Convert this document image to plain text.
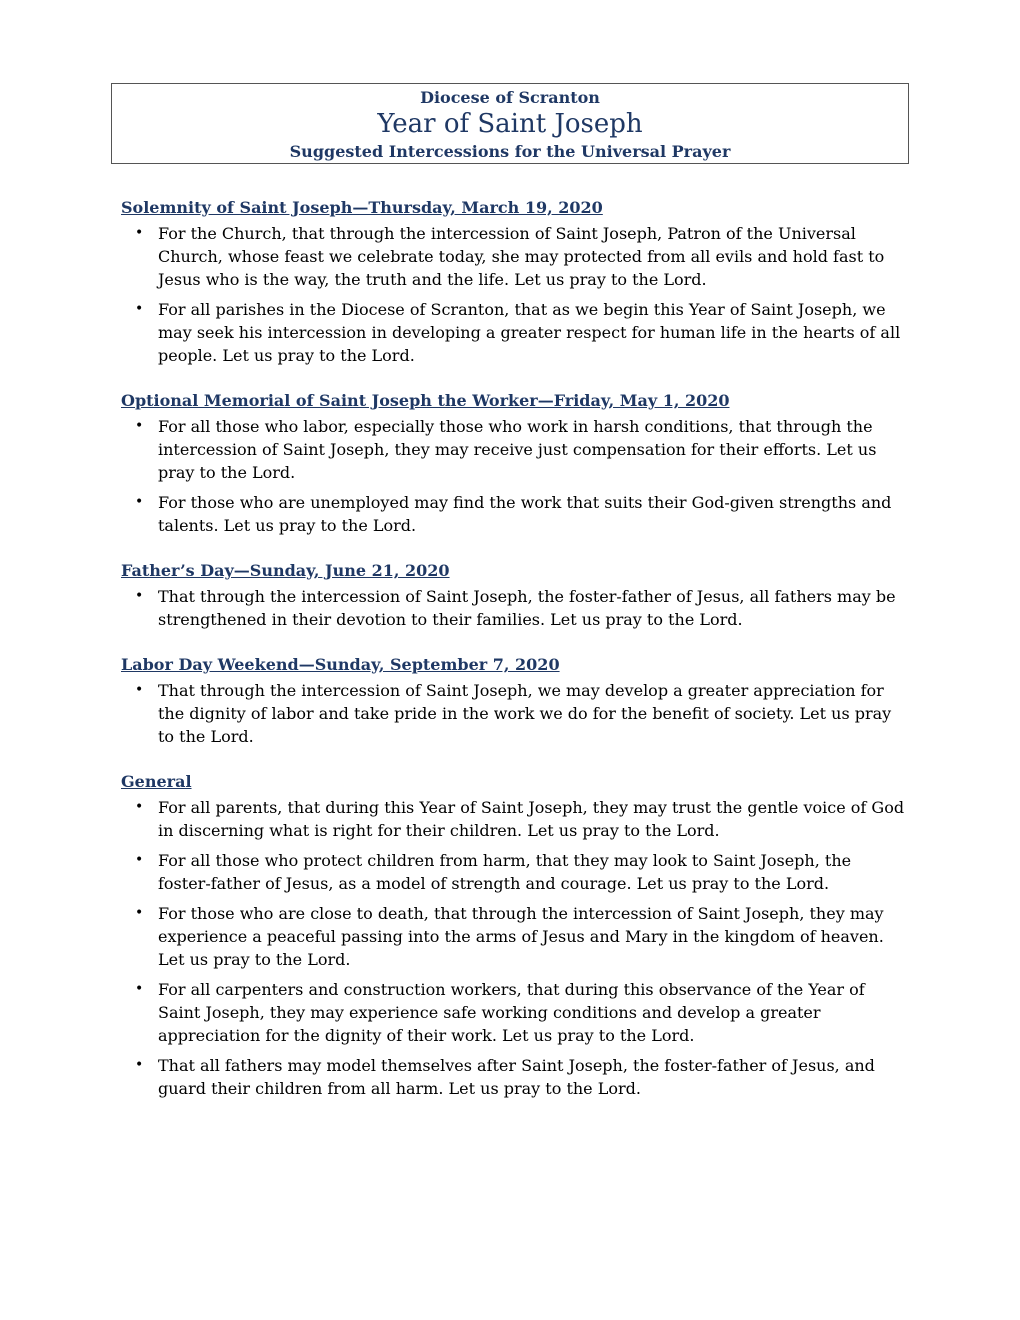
Diocese of Scranton
Year of Saint Joseph
Suggested Intercessions for the Universal Prayer
Solemnity of Saint Joseph—Thursday, March 19, 2020
• For the Church, that through the intercession of Saint Joseph, Patron of the Universal Church, whose feast we celebrate today, she may protected from all evils and hold fast to Jesus who is the way, the truth and the life. Let us pray to the Lord.
• For all parishes in the Diocese of Scranton, that as we begin this Year of Saint Joseph, we may seek his intercession in developing a greater respect for human life in the hearts of all people. Let us pray to the Lord.
Optional Memorial of Saint Joseph the Worker—Friday, May 1, 2020
• For all those who labor, especially those who work in harsh conditions, that through the intercession of Saint Joseph, they may receive just compensation for their efforts. Let us pray to the Lord.
• For those who are unemployed may find the work that suits their God-given strengths and talents. Let us pray to the Lord.
Father’s Day—Sunday, June 21, 2020
• That through the intercession of Saint Joseph, the foster-father of Jesus, all fathers may be strengthened in their devotion to their families. Let us pray to the Lord.
Labor Day Weekend—Sunday, September 7, 2020
• That through the intercession of Saint Joseph, we may develop a greater appreciation for the dignity of labor and take pride in the work we do for the benefit of society. Let us pray to the Lord.
General
• For all parents, that during this Year of Saint Joseph, they may trust the gentle voice of God in discerning what is right for their children. Let us pray to the Lord.
• For all those who protect children from harm, that they may look to Saint Joseph, the foster-father of Jesus, as a model of strength and courage. Let us pray to the Lord.
• For those who are close to death, that through the intercession of Saint Joseph, they may experience a peaceful passing into the arms of Jesus and Mary in the kingdom of heaven. Let us pray to the Lord.
• For all carpenters and construction workers, that during this observance of the Year of Saint Joseph, they may experience safe working conditions and develop a greater appreciation for the dignity of their work. Let us pray to the Lord.
• That all fathers may model themselves after Saint Joseph, the foster-father of Jesus, and guard their children from all harm. Let us pray to the Lord.
